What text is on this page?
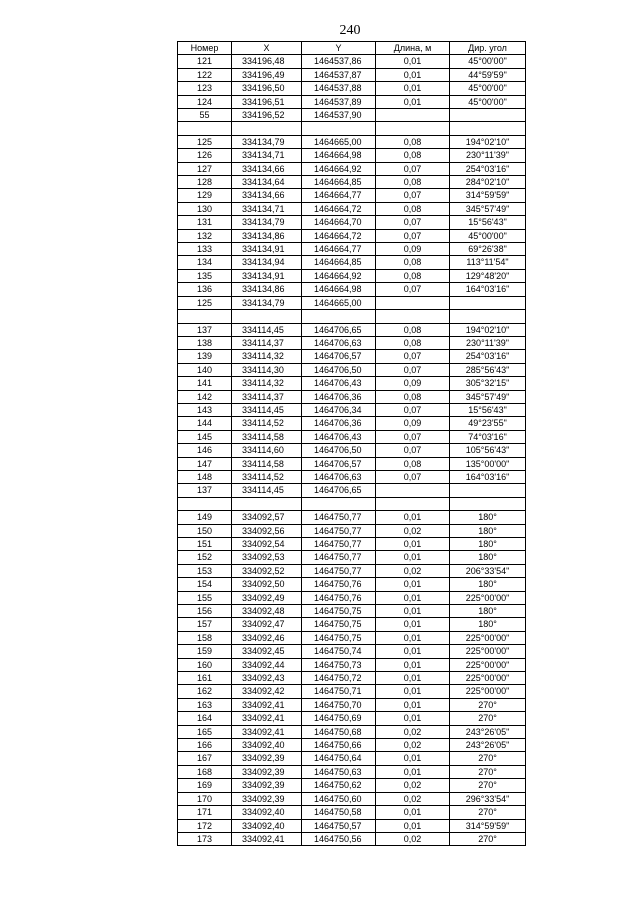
240
Номер	X	Y	Длина, м	Дир. угол
121	334196,48	1464537,86	0,01	45°00'00"
122	334196,49	1464537,87	0,01	44°59'59"
123	334196,50	1464537,88	0,01	45°00'00"
124	334196,51	1464537,89	0,01	45°00'00"
55	334196,52	1464537,90		

125	334134,79	1464665,00	0,08	194°02'10"
126	334134,71	1464664,98	0,08	230°11'39"
127	334134,66	1464664,92	0,07	254°03'16"
128	334134,64	1464664,85	0,08	284°02'10"
129	334134,66	1464664,77	0,07	314°59'59"
130	334134,71	1464664,72	0,08	345°57'49"
131	334134,79	1464664,70	0,07	15°56'43"
132	334134,86	1464664,72	0,07	45°00'00"
133	334134,91	1464664,77	0,09	69°26'38"
134	334134,94	1464664,85	0,08	113°11'54"
135	334134,91	1464664,92	0,08	129°48'20"
136	334134,86	1464664,98	0,07	164°03'16"
125	334134,79	1464665,00		

137	334114,45	1464706,65	0,08	194°02'10"
138	334114,37	1464706,63	0,08	230°11'39"
139	334114,32	1464706,57	0,07	254°03'16"
140	334114,30	1464706,50	0,07	285°56'43"
141	334114,32	1464706,43	0,09	305°32'15"
142	334114,37	1464706,36	0,08	345°57'49"
143	334114,45	1464706,34	0,07	15°56'43"
144	334114,52	1464706,36	0,09	49°23'55"
145	334114,58	1464706,43	0,07	74°03'16"
146	334114,60	1464706,50	0,07	105°56'43"
147	334114,58	1464706,57	0,08	135°00'00"
148	334114,52	1464706,63	0,07	164°03'16"
137	334114,45	1464706,65		

149	334092,57	1464750,77	0,01	180°
150	334092,56	1464750,77	0,02	180°
151	334092,54	1464750,77	0,01	180°
152	334092,53	1464750,77	0,01	180°
153	334092,52	1464750,77	0,02	206°33'54"
154	334092,50	1464750,76	0,01	180°
155	334092,49	1464750,76	0,01	225°00'00"
156	334092,48	1464750,75	0,01	180°
157	334092,47	1464750,75	0,01	180°
158	334092,46	1464750,75	0,01	225°00'00"
159	334092,45	1464750,74	0,01	225°00'00"
160	334092,44	1464750,73	0,01	225°00'00"
161	334092,43	1464750,72	0,01	225°00'00"
162	334092,42	1464750,71	0,01	225°00'00"
163	334092,41	1464750,70	0,01	270°
164	334092,41	1464750,69	0,01	270°
165	334092,41	1464750,68	0,02	243°26'05"
166	334092,40	1464750,66	0,02	243°26'05"
167	334092,39	1464750,64	0,01	270°
168	334092,39	1464750,63	0,01	270°
169	334092,39	1464750,62	0,02	270°
170	334092,39	1464750,60	0,02	296°33'54"
171	334092,40	1464750,58	0,01	270°
172	334092,40	1464750,57	0,01	314°59'59"
173	334092,41	1464750,56	0,02	270°
